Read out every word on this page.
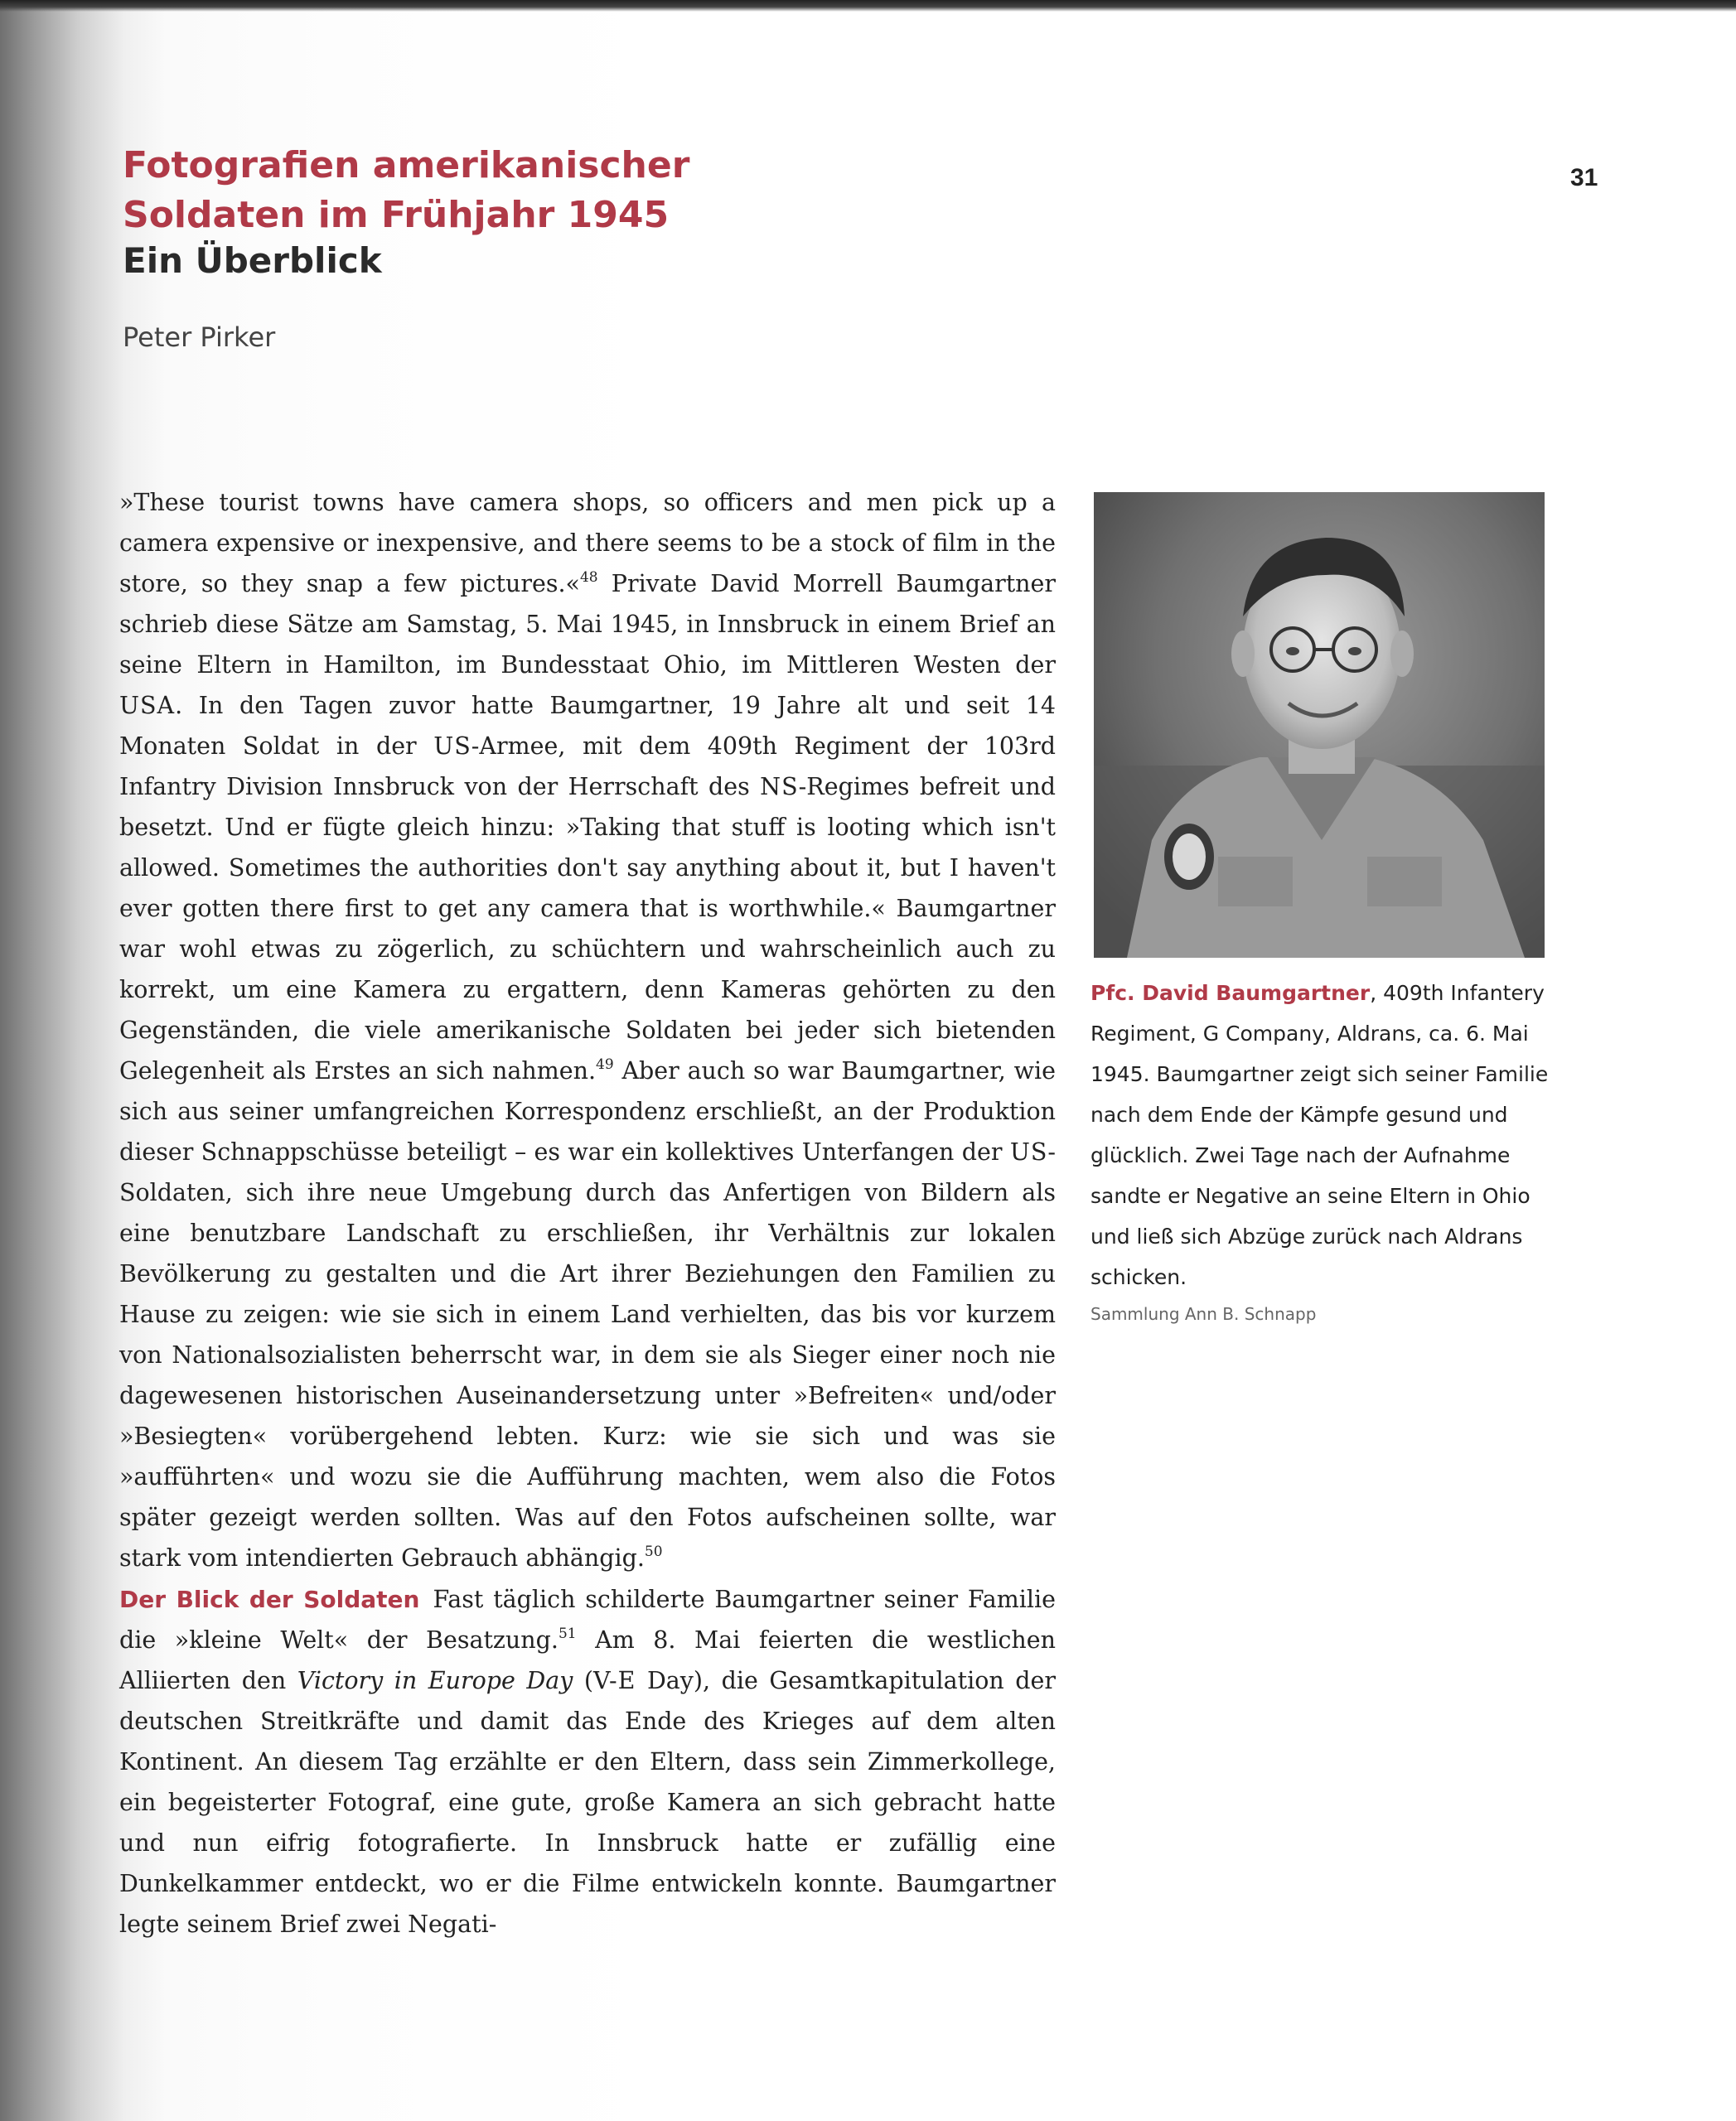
31
Fotografien amerikanischer
Soldaten im Frühjahr 1945
Ein Überblick
Peter Pirker
»These tourist towns have camera shops, so officers and men pick up a camera expensive or inexpensive, and there seems to be a stock of film in the store, so they snap a few pictures.«$^{48}$ Private David Morrell Baumgartner schrieb diese Sätze am Samstag, 5. Mai 1945, in Innsbruck in einem Brief an seine Eltern in Hamilton, im Bundesstaat Ohio, im Mittleren Westen der USA. In den Tagen zuvor hatte Baumgartner, 19 Jahre alt und seit 14 Monaten Soldat in der US-Armee, mit dem 409th Regiment der 103rd Infantry Division Innsbruck von der Herrschaft des NS-Regimes befreit und besetzt. Und er fügte gleich hinzu: »Taking that stuff is looting which isn't allowed. Sometimes the authorities don't say anything about it, but I haven't ever gotten there first to get any camera that is worthwhile.« Baumgartner war wohl etwas zu zögerlich, zu schüchtern und wahrscheinlich auch zu korrekt, um eine Kamera zu ergattern, denn Kameras gehörten zu den Gegenständen, die viele amerikanische Soldaten bei jeder sich bietenden Gelegenheit als Erstes an sich nahmen.$^{49}$ Aber auch so war Baumgartner, wie sich aus seiner umfangreichen Korrespondenz erschließt, an der Produktion dieser Schnappschüsse beteiligt – es war ein kollektives Unterfangen der US-Soldaten, sich ihre neue Umgebung durch das Anfertigen von Bildern als eine benutzbare Landschaft zu erschließen, ihr Verhältnis zur lokalen Bevölkerung zu gestalten und die Art ihrer Beziehungen den Familien zu Hause zu zeigen: wie sie sich in einem Land verhielten, das bis vor kurzem von Nationalsozialisten beherrscht war, in dem sie als Sieger einer noch nie dagewesenen historischen Auseinandersetzung unter »Befreiten« und/oder »Besiegten« vorübergehend lebten. Kurz: wie sie sich und was sie »aufführten« und wozu sie die Aufführung machten, wem also die Fotos später gezeigt werden sollten. Was auf den Fotos aufscheinen sollte, war stark vom intendierten Gebrauch abhängig.$^{50}$
Der Blick der Soldaten Fast täglich schilderte Baumgartner seiner Familie die »kleine Welt« der Besatzung.$^{51}$ Am 8. Mai feierten die westlichen Alliierten den Victory in Europe Day (V-E Day), die Gesamtkapitulation der deutschen Streitkräfte und damit das Ende des Krieges auf dem alten Kontinent. An diesem Tag erzählte er den Eltern, dass sein Zimmerkollege, ein begeisterter Fotograf, eine gute, große Kamera an sich gebracht hatte und nun eifrig fotografierte. In Innsbruck hatte er zufällig eine Dunkelkammer entdeckt, wo er die Filme entwickeln konnte. Baumgartner legte seinem Brief zwei Negati-
Pfc. David Baumgartner, 409th Infantery Regiment, G Company, Aldrans, ca. 6. Mai 1945. Baumgartner zeigt sich seiner Familie nach dem Ende der Kämpfe gesund und glücklich. Zwei Tage nach der Aufnahme sandte er Negative an seine Eltern in Ohio und ließ sich Abzüge zurück nach Aldrans schicken.
Sammlung Ann B. Schnapp
